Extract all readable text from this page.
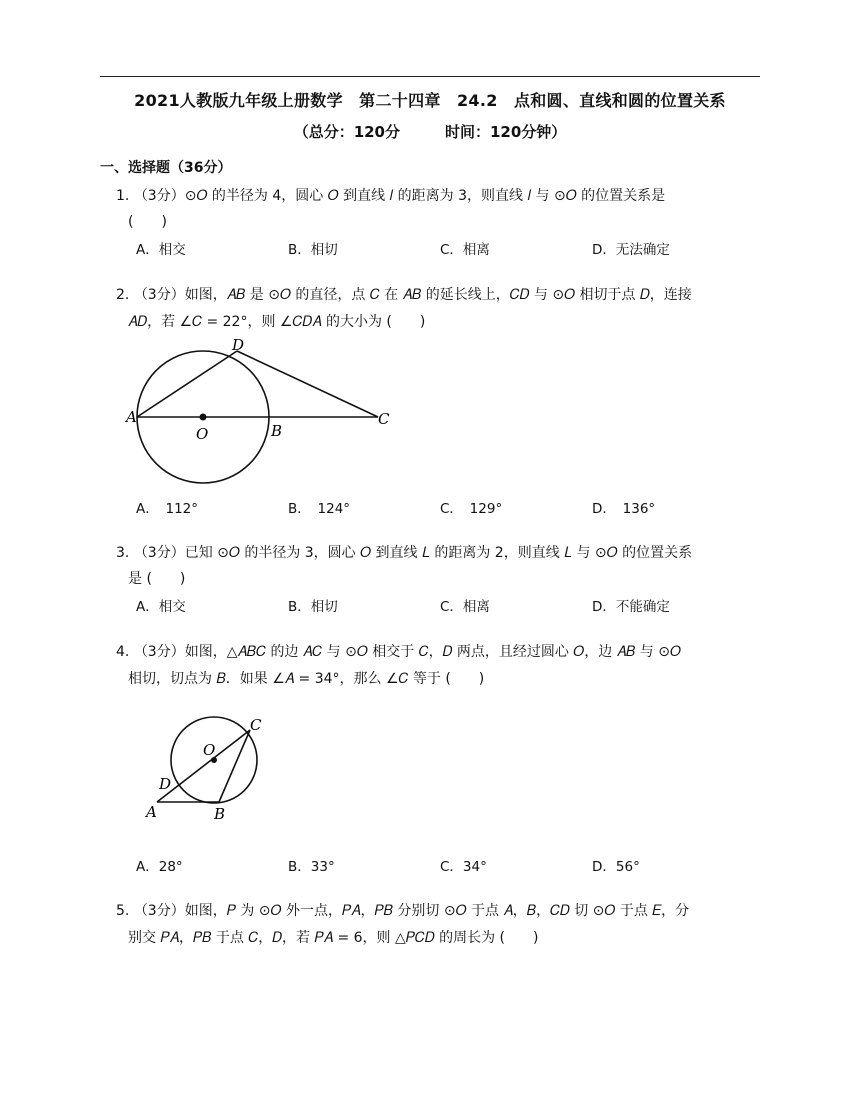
2021人教版九年级上册数学　第二十四章　24.2　点和圆、直线和圆的位置关系
（总分：120分　　　时间：120分钟）
一、选择题（36分）
1. （3分）⊙𝑂 的半径为 4，圆心 𝑂 到直线 𝑙 的距离为 3，则直线 𝑙 与 ⊙𝑂 的位置关系是
(　　)
A．相交	B．相切	C．相离	D．无法确定
2. （3分）如图，𝐴𝐵 是 ⊙𝑂 的直径，点 𝐶 在 𝐴𝐵 的延长线上，𝐶𝐷 与 ⊙𝑂 相切于点 𝐷，连接
𝐴𝐷，若 ∠𝐶 = 22°，则 ∠𝐶𝐷𝐴 的大小为 (　　)
A
O	B
C
D
A．　112°	B．　124°	C．　129°	D．　136°
3. （3分）已知 ⊙𝑂 的半径为 3，圆心 𝑂 到直线 𝐿 的距离为 2，则直线 𝐿 与 ⊙𝑂 的位置关系
是 (　　)
A．相交	B．相切	C．相离	D．不能确定
4. （3分）如图，△𝐴𝐵𝐶 的边 𝐴𝐶 与 ⊙𝑂 相交于 𝐶，𝐷 两点，且经过圆心 𝑂，边 𝐴𝐵 与 ⊙𝑂
相切，切点为 𝐵．如果 ∠𝐴 = 34°，那么 ∠𝐶 等于 (　　)
O
C
D
A	B
A．28°	B．33°	C．34°	D．56°
5. （3分）如图，𝑃 为 ⊙𝑂 外一点，𝑃𝐴，𝑃𝐵 分别切 ⊙𝑂 于点 𝐴，𝐵，𝐶𝐷 切 ⊙𝑂 于点 𝐸，分
别交 𝑃𝐴，𝑃𝐵 于点 𝐶，𝐷，若 𝑃𝐴 = 6，则 △𝑃𝐶𝐷 的周长为 (　　)
